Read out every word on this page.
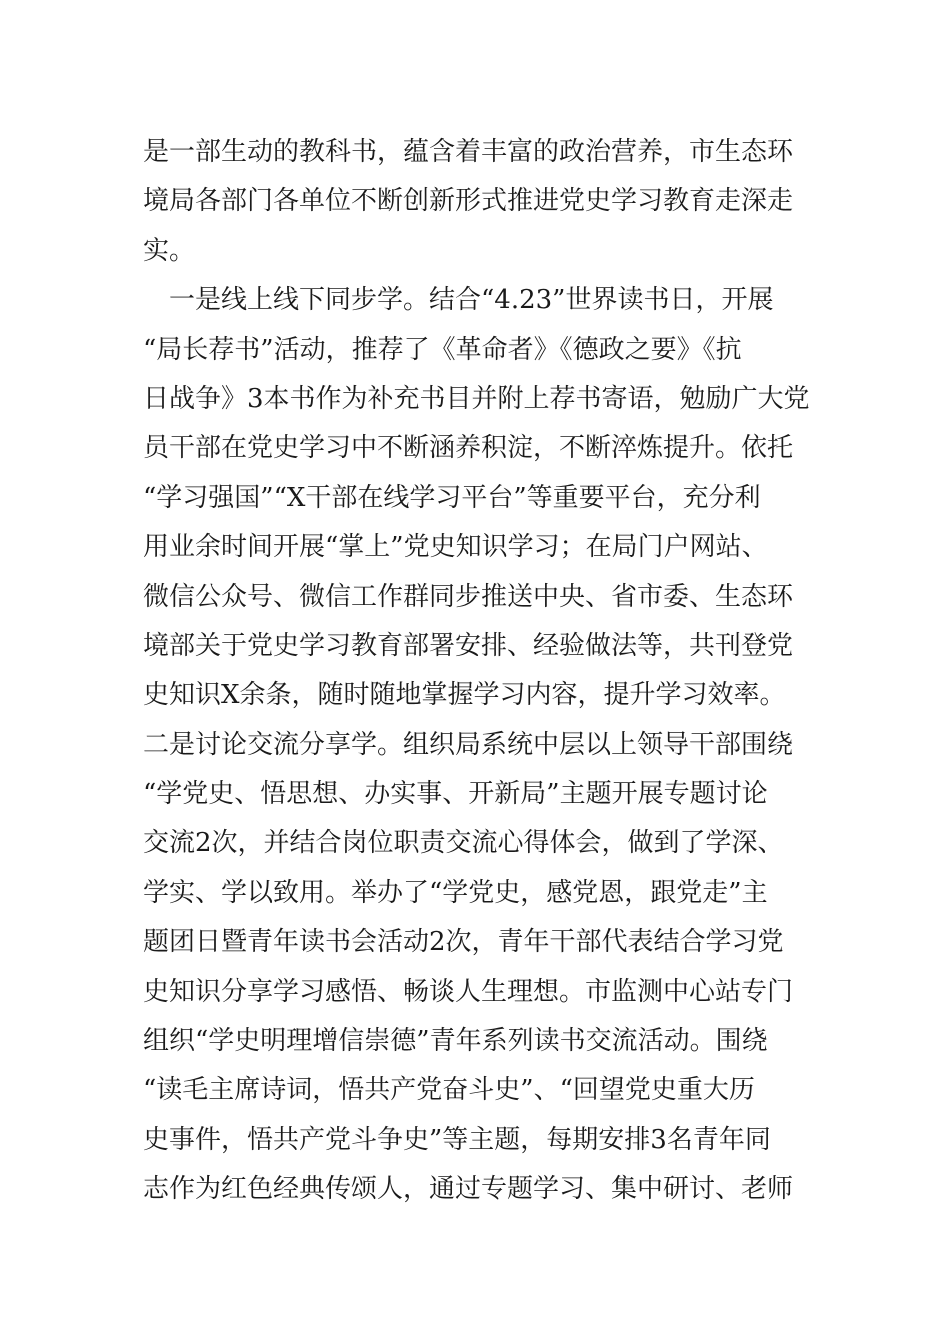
是一部生动的教科书，蕴含着丰富的政治营养，市生态环
境局各部门各单位不断创新形式推进党史学习教育走深走
实。
　一是线上线下同步学。结合“4.23”世界读书日，开展
“局长荐书”活动，推荐了《革命者》《德政之要》《抗
日战争》3本书作为补充书目并附上荐书寄语，勉励广大党
员干部在党史学习中不断涵养积淀，不断淬炼提升。依托
“学习强国”“X干部在线学习平台”等重要平台，充分利
用业余时间开展“掌上”党史知识学习；在局门户网站、
微信公众号、微信工作群同步推送中央、省市委、生态环
境部关于党史学习教育部署安排、经验做法等，共刊登党
史知识X余条，随时随地掌握学习内容，提升学习效率。
二是讨论交流分享学。组织局系统中层以上领导干部围绕
“学党史、悟思想、办实事、开新局”主题开展专题讨论
交流2次，并结合岗位职责交流心得体会，做到了学深、
学实、学以致用。举办了“学党史，感党恩，跟党走”主
题团日暨青年读书会活动2次，青年干部代表结合学习党
史知识分享学习感悟、畅谈人生理想。市监测中心站专门
组织“学史明理增信崇德”青年系列读书交流活动。围绕
“读毛主席诗词，悟共产党奋斗史”、“回望党史重大历
史事件，悟共产党斗争史”等主题，每期安排3名青年同
志作为红色经典传颂人，通过专题学习、集中研讨、老师
